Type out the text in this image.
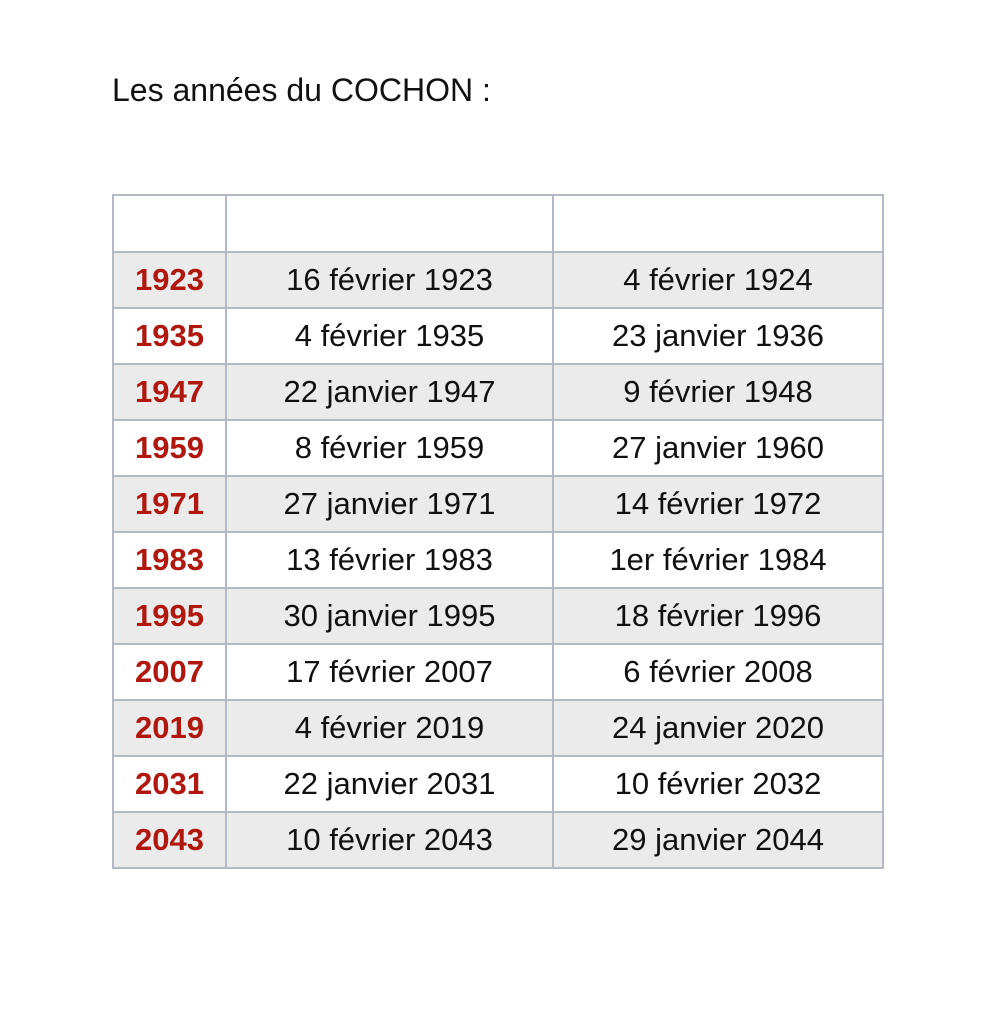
Les années du COCHON :

1923	16 février 1923	4 février 1924
1935	4 février 1935	23 janvier 1936
1947	22 janvier 1947	9 février 1948
1959	8 février 1959	27 janvier 1960
1971	27 janvier 1971	14 février 1972
1983	13 février 1983	1er février 1984
1995	30 janvier 1995	18 février 1996
2007	17 février 2007	6 février 2008
2019	4 février 2019	24 janvier 2020
2031	22 janvier 2031	10 février 2032
2043	10 février 2043	29 janvier 2044
